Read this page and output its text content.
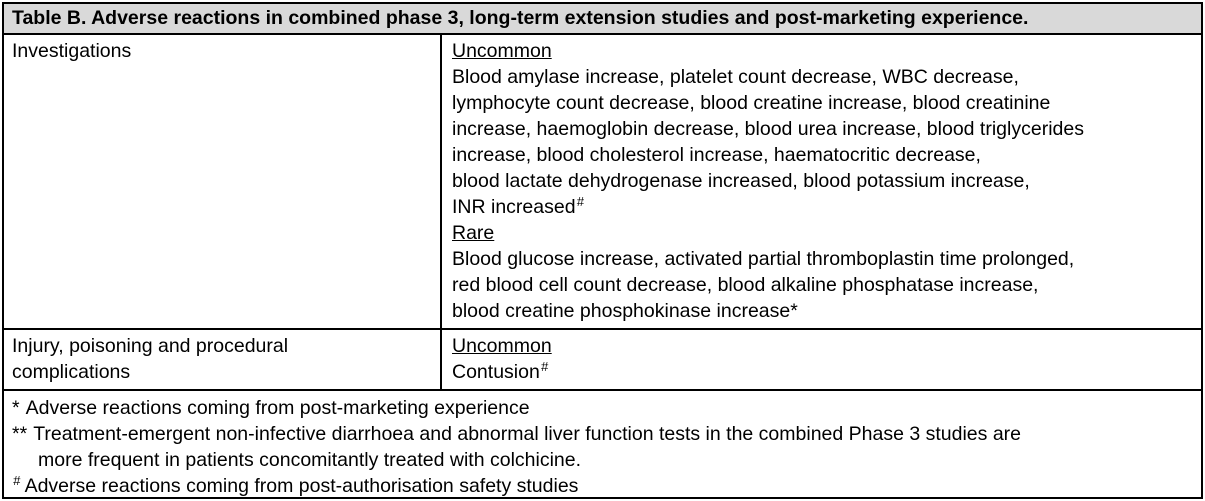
Table B. Adverse reactions in combined phase 3, long-term extension studies and post-marketing experience.
Investigations	Uncommon
Blood amylase increase, platelet count decrease, WBC decrease,
lymphocyte count decrease, blood creatine increase, blood creatinine
increase, haemoglobin decrease, blood urea increase, blood triglycerides
increase, blood cholesterol increase, haematocritic decrease,
blood lactate dehydrogenase increased, blood potassium increase,
INR increased#
Rare
Blood glucose increase, activated partial thromboplastin time prolonged,
red blood cell count decrease, blood alkaline phosphatase increase,
blood creatine phosphokinase increase*
Injury, poisoning and procedural
complications
Uncommon
Contusion#
* Adverse reactions coming from post-marketing experience
** Treatment-emergent non-infective diarrhoea and abnormal liver function tests in the combined Phase 3 studies are
more frequent in patients concomitantly treated with colchicine.
# Adverse reactions coming from post-authorisation safety studies
